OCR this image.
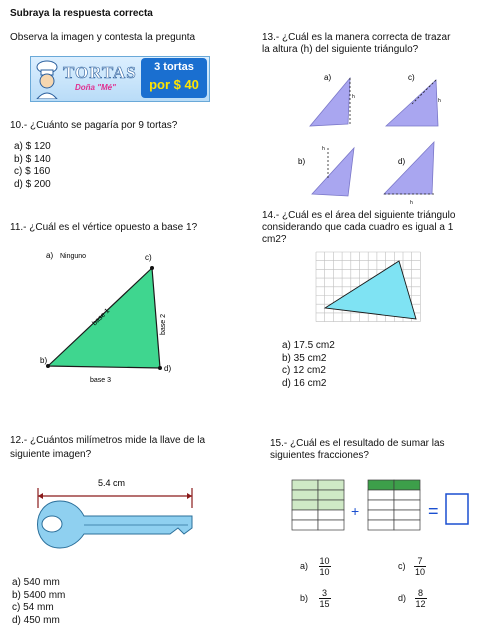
Subraya la respuesta correcta
Observa la imagen y contesta la pregunta
TORTAS
Doña "Mé"
3 tortas
por $ 40
10.- ¿Cuánto se pagaría por 9 tortas?
a) $ 120
b) $ 140
c) $ 160
d) $ 200
11.- ¿Cuál es el vértice opuesto a base 1?
a) Ninguno	c)
b)
d)
base 1	base 2
base 3
12.- ¿Cuántos milímetros mide la llave de la
siguiente imagen?
5.4 cm
a) 540 mm
b) 5400 mm
c) 54 mm
d) 450 mm
13.- ¿Cuál es la manera correcta de trazar
la altura (h) del siguiente triángulo?
a)
h
c)
h
b)
h
d)
h
14.- ¿Cuál es el área del siguiente triángulo
considerando que cada cuadro es igual a 1
cm2?
a) 17.5 cm2
b) 35 cm2
c) 12 cm2
d) 16 cm2
15.- ¿Cuál es el resultado de sumar las
siguientes fracciones?
+	=
$a) \frac{10}{10}$	$c) \frac{7}{10}$
$b) \frac{3}{15}$	$d) \frac{8}{12}$
